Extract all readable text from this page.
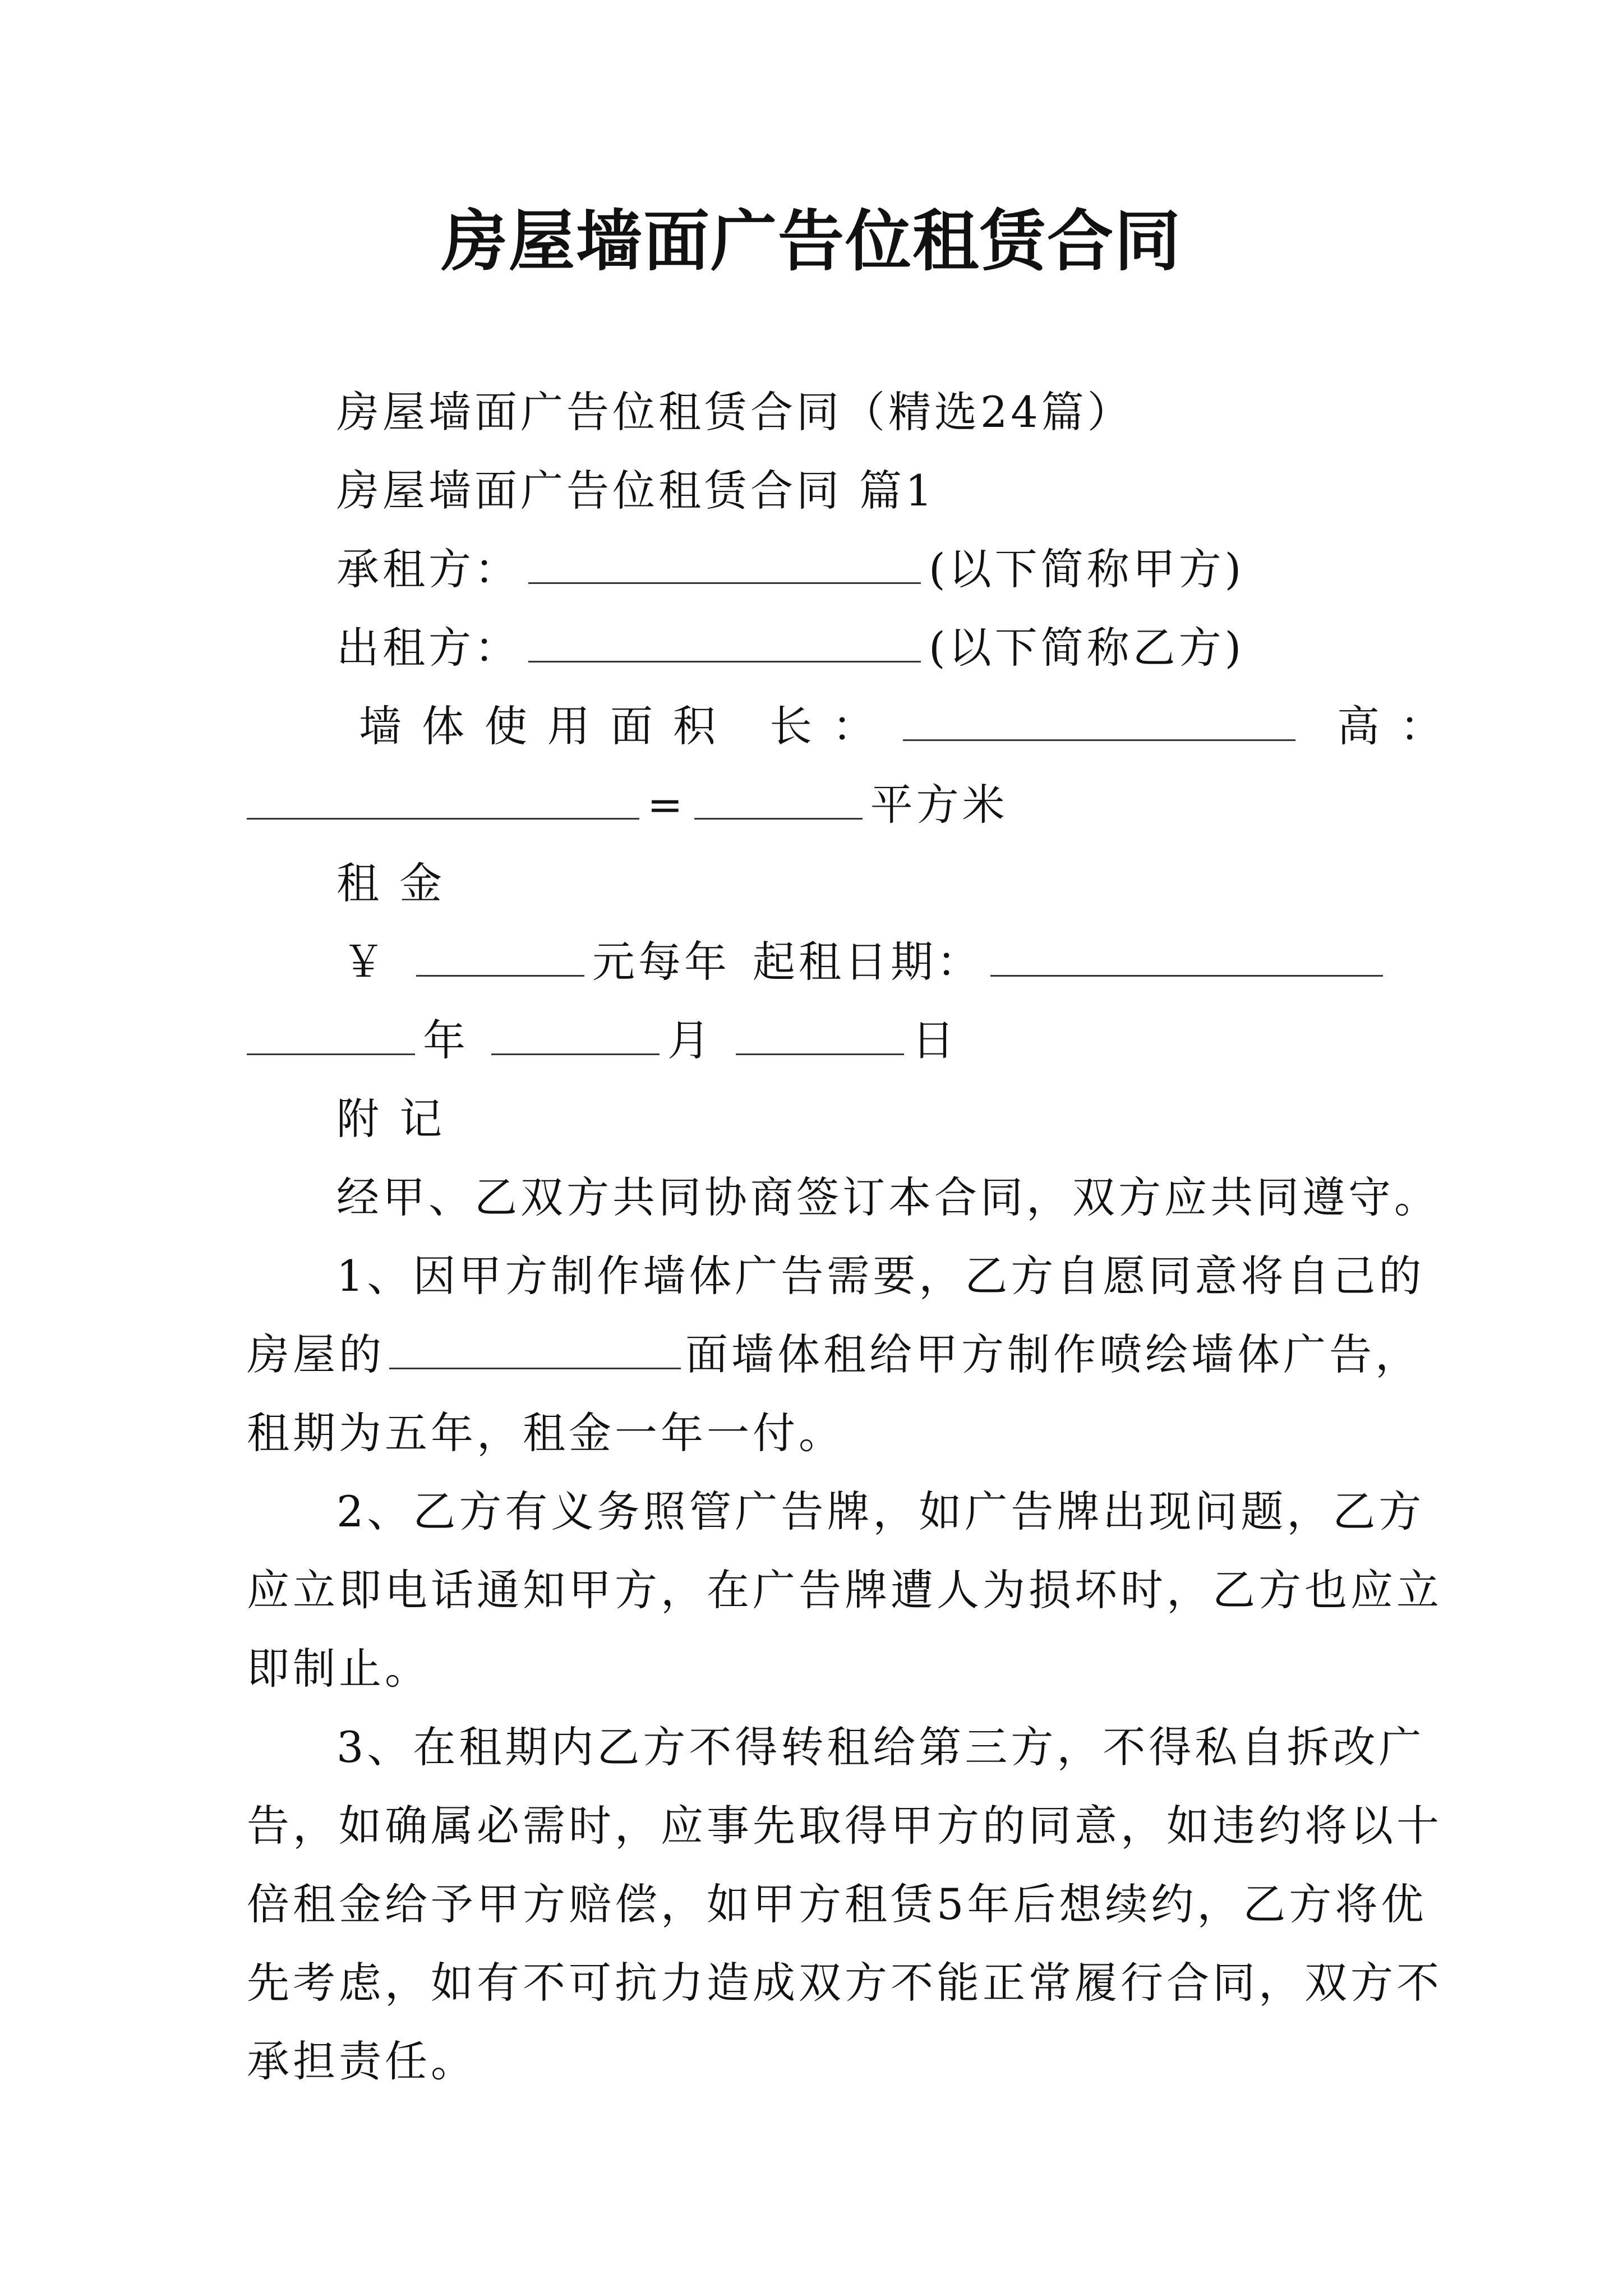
房屋墙面广告位租赁合同
房屋墙面广告位租赁合同（精选24篇）
房屋墙面广告位租赁合同 篇1
承租方：	(以下简称甲方)
出租方：	(以下简称乙方)
墙体使用面积 长：	高：
=	平方米
租 金
￥	元每年 起租日期：
年	月	日
附 记
经甲、乙双方共同协商签订本合同，双方应共同遵守。
1、因甲方制作墙体广告需要，乙方自愿同意将自己的
房屋的	面墙体租给甲方制作喷绘墙体广告，
租期为五年，租金一年一付。
2、乙方有义务照管广告牌，如广告牌出现问题，乙方
应立即电话通知甲方，在广告牌遭人为损坏时，乙方也应立
即制止。
3、在租期内乙方不得转租给第三方，不得私自拆改广
告，如确属必需时，应事先取得甲方的同意，如违约将以十
倍租金给予甲方赔偿，如甲方租赁5年后想续约，乙方将优
先考虑，如有不可抗力造成双方不能正常履行合同，双方不
承担责任。
